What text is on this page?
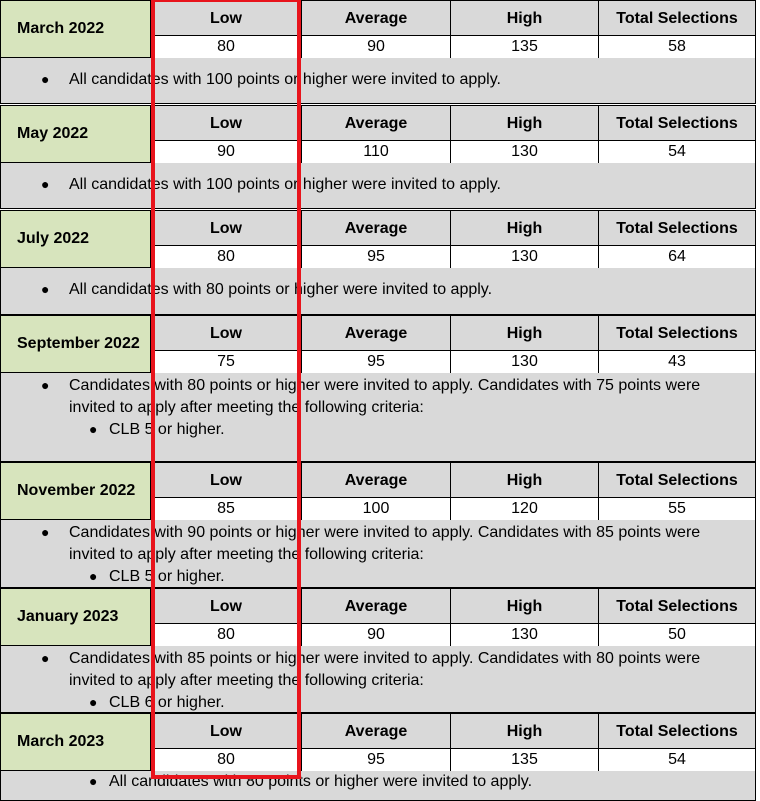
March 2022
Low	Average	High	Total Selections
80	90	135	58
● All candidates with 100 points or higher were invited to apply.
May 2022
Low	Average	High	Total Selections
90	110	130	54
● All candidates with 100 points or higher were invited to apply.
July 2022
Low	Average	High	Total Selections
80	95	130	64
● All candidates with 80 points or higher were invited to apply.
September 2022
Low	Average	High	Total Selections
75	95	130	43
● Candidates with 80 points or higher were invited to apply. Candidates with 75 points were
invited to apply after meeting the following criteria:
● CLB 5 or higher.
November 2022
Low	Average	High	Total Selections
85	100	120	55
● Candidates with 90 points or higher were invited to apply. Candidates with 85 points were
invited to apply after meeting the following criteria:
● CLB 5 or higher.
January 2023
Low	Average	High	Total Selections
80	90	130	50
● Candidates with 85 points or higher were invited to apply. Candidates with 80 points were
invited to apply after meeting the following criteria:
● CLB 6 or higher.
March 2023
Low	Average	High	Total Selections
80	95	135	54
● All candidates with 80 points or higher were invited to apply.
